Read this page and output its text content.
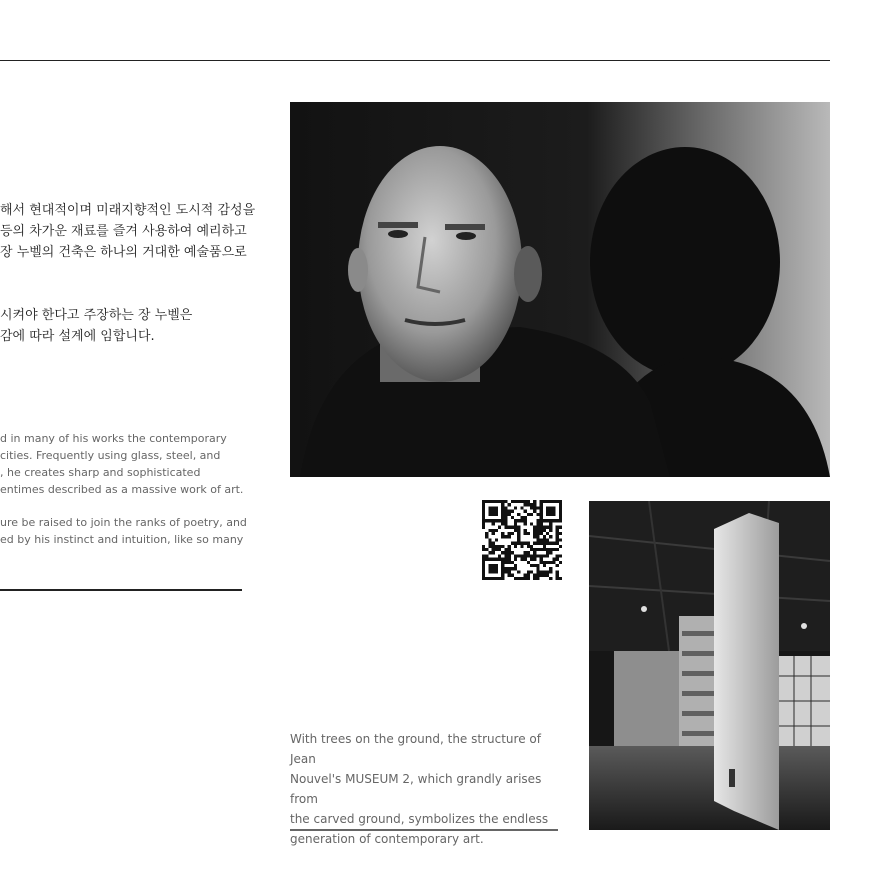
해서 현대적이며 미래지향적인 도시적 감성을

등의 차가운 재료를 즐겨 사용하여 예리하고

장 누벨의 건축은 하나의 거대한 예술품으로

시켜야 한다고 주장하는 장 누벨은

감에 따라 설계에 임합니다.

d in many of his works the contemporary

cities. Frequently using glass, steel, and

, he creates sharp and sophisticated

entimes described as a massive work of art.

ure be raised to join the ranks of poetry, and

ed by his instinct and intuition, like so many

With trees on the ground, the structure of Jean

Nouvel's MUSEUM 2, which grandly arises from

the carved ground, symbolizes the endless

generation of contemporary art.
